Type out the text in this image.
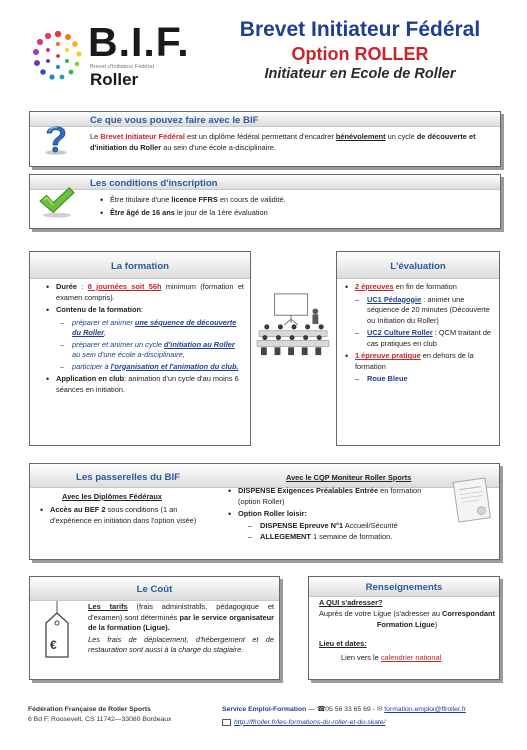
B.I.F.
Brevet d'Initiateur Fédéral
Roller
Brevet Initiateur Fédéral
Option ROLLER
Initiateur en Ecole de Roller
Ce que vous pouvez faire avec le BIF
Le Brevet Initiateur Fédéral est un diplôme fédéral permettant d'encadrer bénévolement un cycle de découverte et d'initiation du Roller au sein d'une école a-disciplinaire.
Les conditions d'inscription
• Être titulaire d'une licence FFRS en cours de validité.
• Être âgé de 16 ans le jour de la 1ère évaluation
La formation
• Durée : 8 journées soit 56h minimum (formation et examen compris).
• Contenu de la formation:
– préparer et animer une séquence de découverte du Roller,
– préparer et animer un cycle d'initiation au Roller au sein d'une école a-disciplinaire,
– participer à l'organisation et l'animation du club.
• Application en club: animation d'un cycle d'au moins 6 séances en initiation.
L'évaluation
• 2 épreuves en fin de formation
– UC1 Pédagogie : animer une séquence de 20 minutes (Découverte ou Initiation du Roller)
– UC2 Culture Roller : QCM traitant de cas pratiques en club
• 1 épreuve pratique en dehors de la formation
– Roue Bleue
Les passerelles du BIF
Avec les Diplômes Fédéraux
• Accès au BEF 2 sous conditions (1 an d'expérience en initiation dans l'option visée)
Avec le CQP Moniteur Roller Sports
• DISPENSE Exigences Préalables Entrée en formation (option Roller)
• Option Roller loisir:
– DISPENSE Epreuve N°1 Accueil/Sécurité
– ALLEGEMENT 1 semaine de formation.
Le Coût
€
Les tarifs (frais administratifs, pédagogique et d'examen) sont déterminés par le service organisateur de la formation (Ligue).
Les frais de déplacement, d'hébergement et de restauration sont aussi à la charge du stagiaire.
Renseignements
A QUI s'adresser?
Auprès de votre Ligue (s'adresser au Correspondant Formation Ligue)
Lieu et dates:
Lien vers le calendrier national
Fédération Française de Roller Sports
6 Bd F. Roosevelt, CS 11742—33080 Bordeaux
Service Emploi-Formation — ☎05 56 33 65 69 - ✉ formation.emploi@ffroller.fr
http://ffroller.fr/les-formations-du-roller-et-du-skate/
